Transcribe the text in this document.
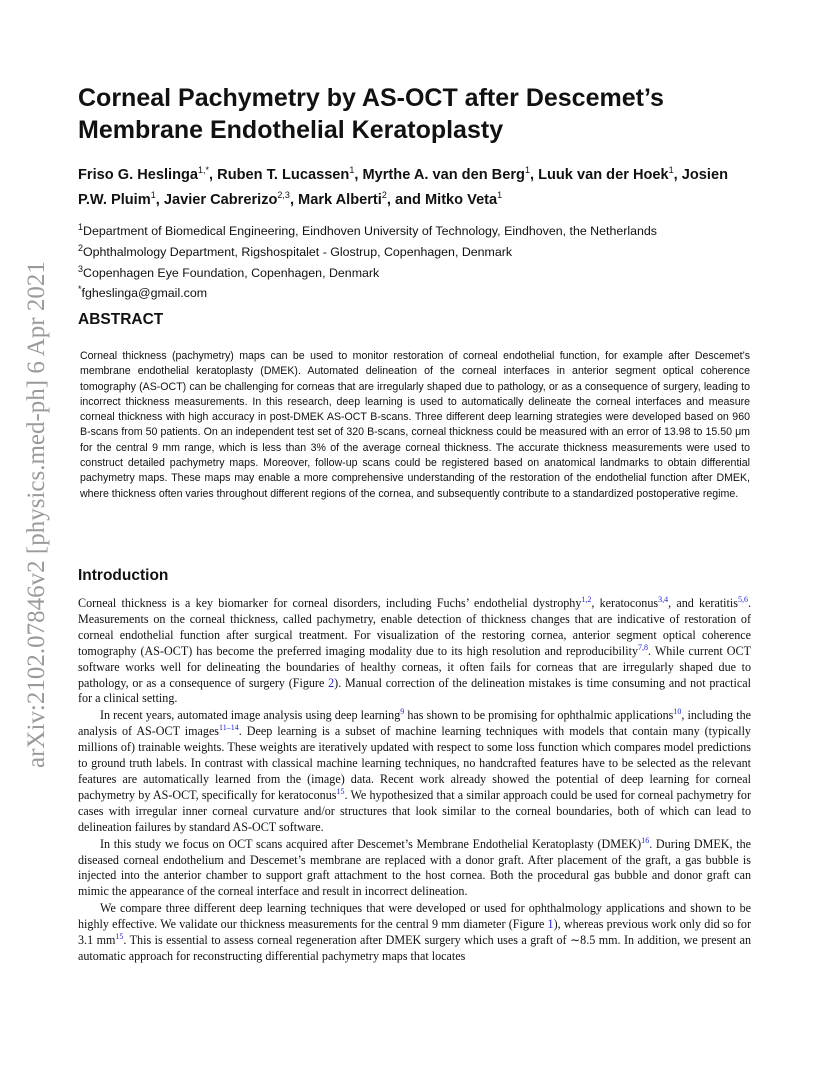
arXiv:2102.07846v2 [physics.med-ph] 6 Apr 2021
Corneal Pachymetry by AS-OCT after Descemet’s Membrane Endothelial Keratoplasty
Friso G. Heslinga$^{1,*}$, Ruben T. Lucassen$^1$, Myrthe A. van den Berg$^1$, Luuk van der Hoek$^1$, Josien P.W. Pluim$^1$, Javier Cabrerizo$^{2,3}$, Mark Alberti$^2$, and Mitko Veta$^1$
$^1$Department of Biomedical Engineering, Eindhoven University of Technology, Eindhoven, the Netherlands
$^2$Ophthalmology Department, Rigshospitalet - Glostrup, Copenhagen, Denmark
$^3$Copenhagen Eye Foundation, Copenhagen, Denmark
*fgheslinga@gmail.com
ABSTRACT
Corneal thickness (pachymetry) maps can be used to monitor restoration of corneal endothelial function, for example after Descemet’s membrane endothelial keratoplasty (DMEK). Automated delineation of the corneal interfaces in anterior segment optical coherence tomography (AS-OCT) can be challenging for corneas that are irregularly shaped due to pathology, or as a consequence of surgery, leading to incorrect thickness measurements. In this research, deep learning is used to automatically delineate the corneal interfaces and measure corneal thickness with high accuracy in post-DMEK AS-OCT B-scans. Three different deep learning strategies were developed based on 960 B-scans from 50 patients. On an independent test set of 320 B-scans, corneal thickness could be measured with an error of 13.98 to 15.50 μm for the central 9 mm range, which is less than 3% of the average corneal thickness. The accurate thickness measurements were used to construct detailed pachymetry maps. Moreover, follow-up scans could be registered based on anatomical landmarks to obtain differential pachymetry maps. These maps may enable a more comprehensive understanding of the restoration of the endothelial function after DMEK, where thickness often varies throughout different regions of the cornea, and subsequently contribute to a standardized postoperative regime.
Introduction

Corneal thickness is a key biomarker for corneal disorders, including Fuchs’ endothelial dystrophy$^{1,2}$, keratoconus$^{3,4}$, and keratitis$^{5,6}$. Measurements on the corneal thickness, called pachymetry, enable detection of thickness changes that are indicative of restoration of corneal endothelial function after surgical treatment. For visualization of the restoring cornea, anterior segment optical coherence tomography (AS-OCT) has become the preferred imaging modality due to its high resolution and reproducibility$^{7,8}$. While current OCT software works well for delineating the boundaries of healthy corneas, it often fails for corneas that are irregularly shaped due to pathology, or as a consequence of surgery (Figure 2). Manual correction of the delineation mistakes is time consuming and not practical for a clinical setting.

In recent years, automated image analysis using deep learning$^9$ has shown to be promising for ophthalmic applications$^{10}$, including the analysis of AS-OCT images$^{11-14}$. Deep learning is a subset of machine learning techniques with models that contain many (typically millions of) trainable weights. These weights are iteratively updated with respect to some loss function which compares model predictions to ground truth labels. In contrast with classical machine learning techniques, no handcrafted features have to be selected as the relevant features are automatically learned from the (image) data. Recent work already showed the potential of deep learning for corneal pachymetry by AS-OCT, specifically for keratoconus$^{15}$. We hypothesized that a similar approach could be used for corneal pachymetry for cases with irregular inner corneal curvature and/or structures that look similar to the corneal boundaries, both of which can lead to delineation failures by standard AS-OCT software.

In this study we focus on OCT scans acquired after Descemet’s Membrane Endothelial Keratoplasty (DMEK)$^{16}$. During DMEK, the diseased corneal endothelium and Descemet’s membrane are replaced with a donor graft. After placement of the graft, a gas bubble is injected into the anterior chamber to support graft attachment to the host cornea. Both the procedural gas bubble and donor graft can mimic the appearance of the corneal interface and result in incorrect delineation.

We compare three different deep learning techniques that were developed or used for ophthalmology applications and shown to be highly effective. We validate our thickness measurements for the central 9 mm diameter (Figure 1), whereas previous work only did so for 3.1 mm$^{15}$. This is essential to assess corneal regeneration after DMEK surgery which uses a graft of ∼8.5 mm. In addition, we present an automatic approach for reconstructing differential pachymetry maps that locates
